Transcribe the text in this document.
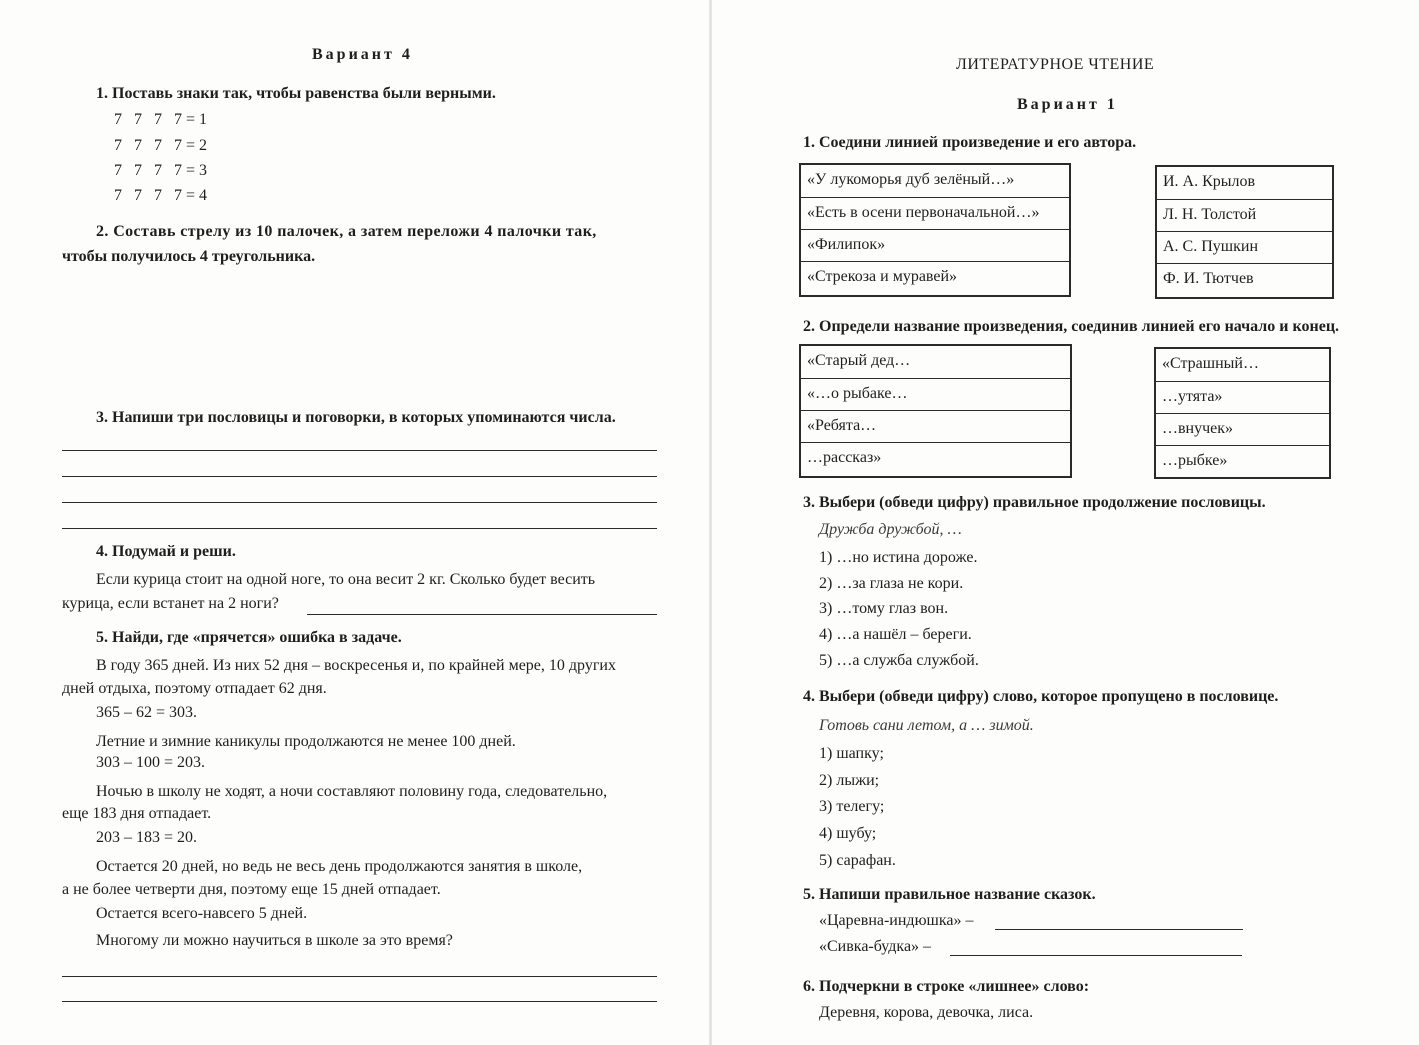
Вариант 4
1. Поставь знаки так, чтобы равенства были верными.
7   7   7   7 = 1
7   7   7   7 = 2
7   7   7   7 = 3
7   7   7   7 = 4
2. Составь стрелу из 10 палочек, а затем переложи 4 палочки так,
чтобы получилось 4 треугольника.
3. Напиши три пословицы и поговорки, в которых упоминаются числа.
4. Подумай и реши.
Если курица стоит на одной ноге, то она весит 2 кг. Сколько будет весить
курица, если встанет на 2 ноги?
5. Найди, где «прячется» ошибка в задаче.
В году 365 дней. Из них 52 дня – воскресенья и, по крайней мере, 10 других
дней отдыха, поэтому отпадает 62 дня.
365 – 62 = 303.
Летние и зимние каникулы продолжаются не менее 100 дней.
303 – 100 = 203.
Ночью в школу не ходят, а ночи составляют половину года, следовательно,
еще 183 дня отпадает.
203 – 183 = 20.
Остается 20 дней, но ведь не весь день продолжаются занятия в школе,
а не более четверти дня, поэтому еще 15 дней отпадает.
Остается всего-навсего 5 дней.
Многому ли можно научиться в школе за это время?
ЛИТЕРАТУРНОЕ ЧТЕНИЕ
Вариант 1
1. Соедини линией произведение и его автора.
«У лукоморья дуб зелёный…»
«Есть в осени первоначальной…»
«Филипок»
«Стрекоза и муравей»
И. А. Крылов
Л. Н. Толстой
А. С. Пушкин
Ф. И. Тютчев
2. Определи название произведения, соединив линией его начало и конец.
«Старый дед…
«…о рыбаке…
«Ребята…
…рассказ»
«Страшный…
…утята»
…внучек»
…рыбке»
3. Выбери (обведи цифру) правильное продолжение пословицы.
Дружба дружбой, …
1) …но истина дороже.
2) …за глаза не кори.
3) …тому глаз вон.
4) …а нашёл – береги.
5) …а служба службой.
4. Выбери (обведи цифру) слово, которое пропущено в пословице.
Готовь сани летом, а … зимой.
1) шапку;
2) лыжи;
3) телегу;
4) шубу;
5) сарафан.
5. Напиши правильное название сказок.
«Царевна-индюшка» –
«Сивка-будка» –
6. Подчеркни в строке «лишнее» слово:
Деревня, корова, девочка, лиса.
